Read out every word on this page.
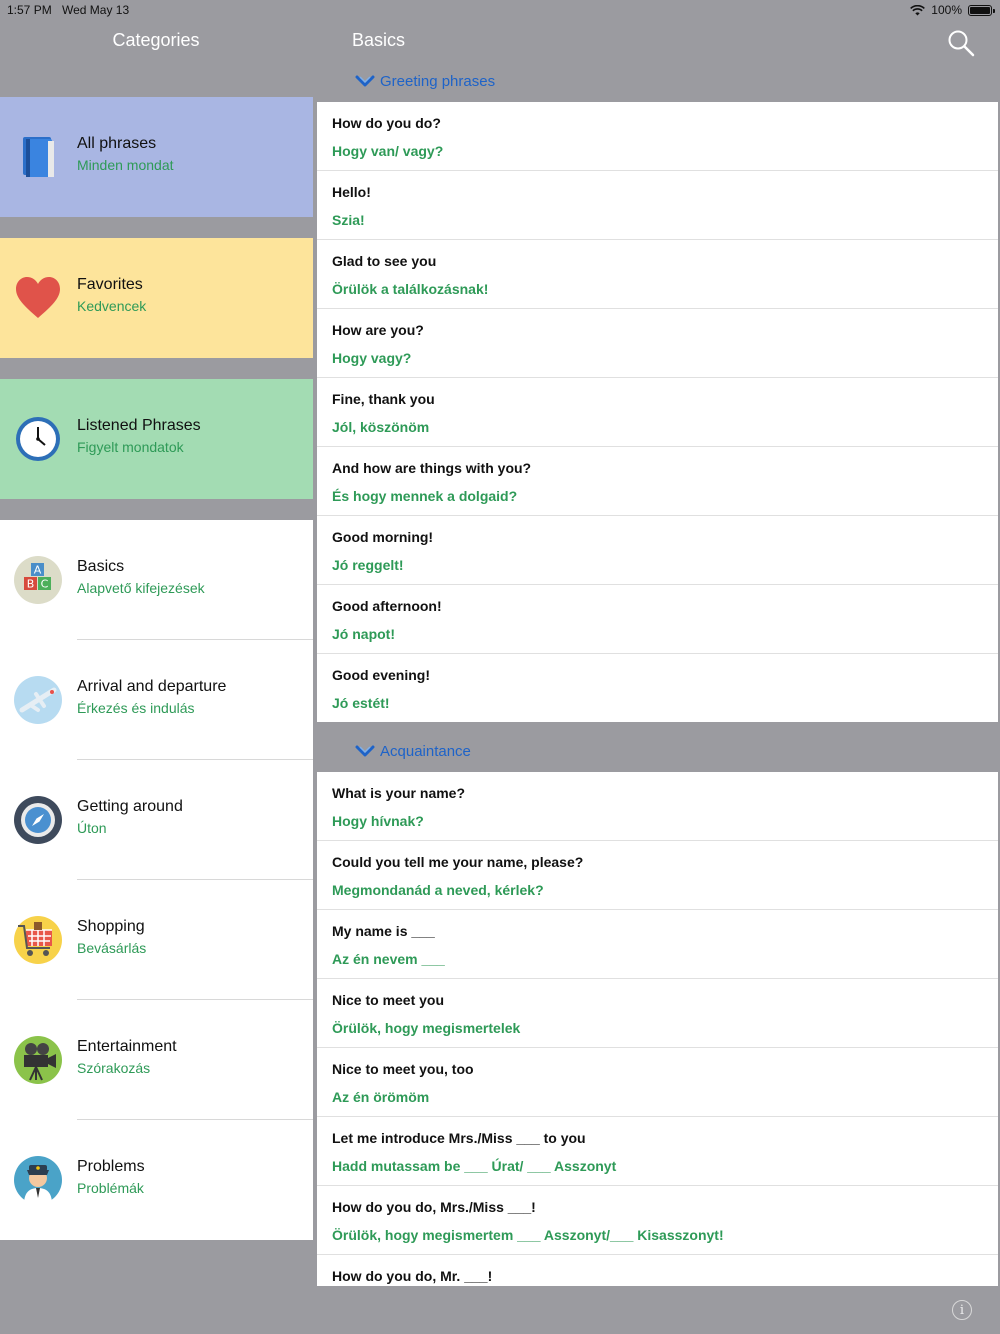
1:57 PM Wed May 13	100%
Categories	Basics
All phrases
Minden mondat
Favorites
Kedvencek
Listened Phrases
Figyelt mondatok
A
B C
Basics
Alapvető kifejezések
Arrival and departure
Érkezés és indulás
Getting around
Úton
Shopping
Bevásárlás
Entertainment
Szórakozás
Problems
Problémák
Greeting phrases
How do you do?
Hogy van/ vagy?
Hello!
Szia!
Glad to see you
Örülök a találkozásnak!
How are you?
Hogy vagy?
Fine, thank you
Jól, köszönöm
And how are things with you?
És hogy mennek a dolgaid?
Good morning!
Jó reggelt!
Good afternoon!
Jó napot!
Good evening!
Jó estét!
Acquaintance
What is your name?
Hogy hívnak?
Could you tell me your name, please?
Megmondanád a neved, kérlek?
My name is ___
Az én nevem ___
Nice to meet you
Örülök, hogy megismertelek
Nice to meet you, too
Az én örömöm
Let me introduce Mrs./Miss ___ to you
Hadd mutassam be ___ Úrat/ ___ Asszonyt
How do you do, Mrs./Miss ___!
Örülök, hogy megismertem ___ Asszonyt/___ Kisasszonyt!
How do you do, Mr. ___!
i
